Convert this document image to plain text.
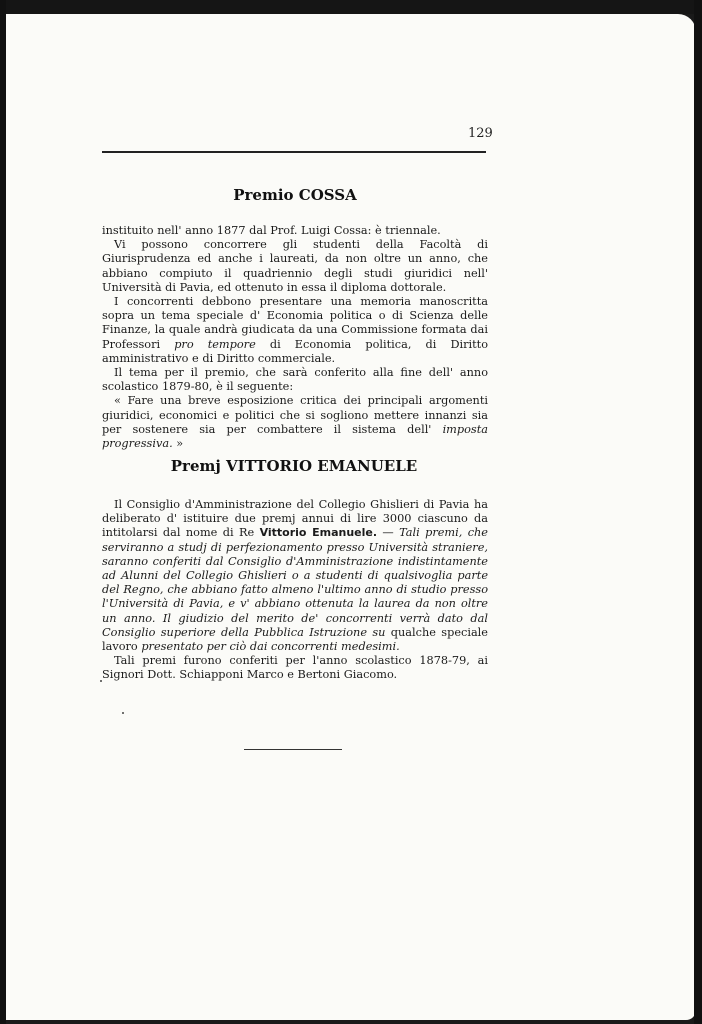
129
Premio COSSA

instituito nell' anno 1877 dal Prof. Luigi Cossa: è triennale.

Vi possono concorrere gli studenti della Facoltà di Giurisprudenza ed anche i laureati, da non oltre un anno, che abbiano compiuto il quadriennio degli studi giuridici nell' Università di Pavia, ed ottenuto in essa il diploma dottorale.

I concorrenti debbono presentare una memoria manoscritta sopra un tema speciale d' Economia politica o di Scienza delle Finanze, la quale andrà giudicata da una Commissione formata dai Professori pro tempore di Economia politica, di Diritto amministrativo e di Diritto commerciale.

Il tema per il premio, che sarà conferito alla fine dell' anno scolastico 1879-80, è il seguente:

« Fare una breve esposizione critica dei principali argomenti giuridici, economici e politici che si sogliono mettere innanzi sia per sostenere sia per combattere il sistema dell' imposta progressiva. »

Premj VITTORIO EMANUELE

Il Consiglio d'Amministrazione del Collegio Ghislieri di Pavia ha deliberato d' istituire due premj annui di lire 3000 ciascuno da intitolarsi dal nome di Re Vittorio Emanuele. — Tali premi, che serviranno a studj di perfezionamento presso Università straniere, saranno conferiti dal Consiglio d'Amministrazione indistintamente ad Alunni del Collegio Ghislieri o a studenti di qualsivoglia parte del Regno, che abbiano fatto almeno l'ultimo anno di studio presso l'Università di Pavia, e v' abbiano ottenuta la laurea da non oltre un anno. Il giudizio del merito de' concorrenti verrà dato dal Consiglio superiore della Pubblica Istruzione su qualche speciale lavoro presentato per ciò dai concorrenti medesimi.

Tali premi furono conferiti per l'anno scolastico 1878-79, ai Signori Dott. Schiapponi Marco e Bertoni Giacomo.
